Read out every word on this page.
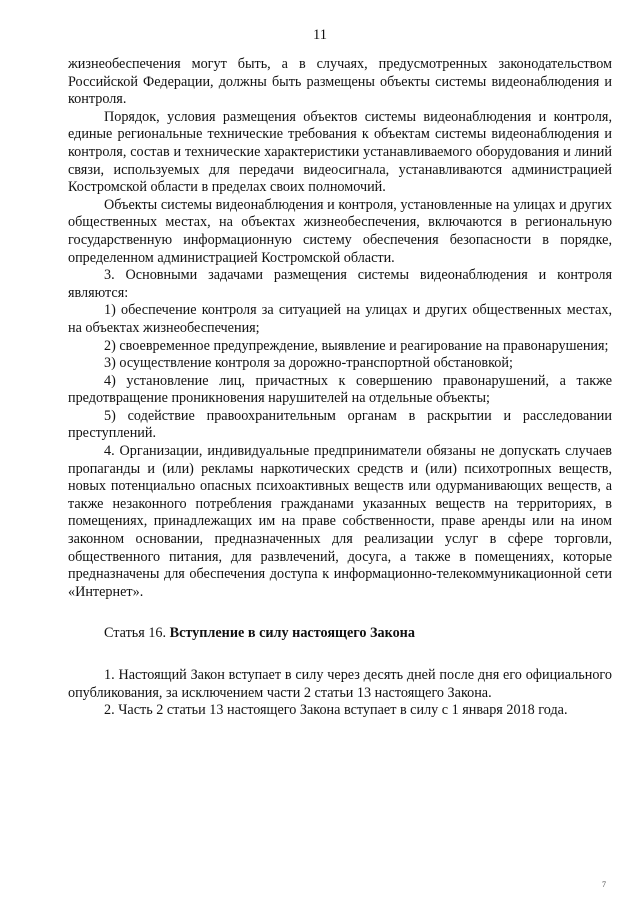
11

жизнеобеспечения могут быть, а в случаях, предусмотренных законодательством Российской Федерации, должны быть размещены объекты системы видеонаблюдения и контроля.

Порядок, условия размещения объектов системы видеонаблюдения и контроля, единые региональные технические требования к объектам системы видеонаблюдения и контроля, состав и технические характеристики устанавливаемого оборудования и линий связи, используемых для передачи видеосигнала, устанавливаются администрацией Костромской области в пределах своих полномочий.

Объекты системы видеонаблюдения и контроля, установленные на улицах и других общественных местах, на объектах жизнеобеспечения, включаются в региональную государственную информационную систему обеспечения безопасности в порядке, определенном администрацией Костромской области.

3. Основными задачами размещения системы видеонаблюдения и контроля являются:

1) обеспечение контроля за ситуацией на улицах и других общественных местах, на объектах жизнеобеспечения;

2) своевременное предупреждение, выявление и реагирование на правонарушения;

3) осуществление контроля за дорожно-транспортной обстановкой;

4) установление лиц, причастных к совершению правонарушений, а также предотвращение проникновения нарушителей на отдельные объекты;

5) содействие правоохранительным органам в раскрытии и расследовании преступлений.

4. Организации, индивидуальные предприниматели обязаны не допускать случаев пропаганды и (или) рекламы наркотических средств и (или) психотропных веществ, новых потенциально опасных психоактивных веществ или одурманивающих веществ, а также незаконного потребления гражданами указанных веществ на территориях, в помещениях, принадлежащих им на праве собственности, праве аренды или на ином законном основании, предназначенных для реализации услуг в сфере торговли, общественного питания, для развлечений, досуга, а также в помещениях, которые предназначены для обеспечения доступа к информационно-телекоммуникационной сети «Интернет».

Статья 16. Вступление в силу настоящего Закона

1. Настоящий Закон вступает в силу через десять дней после дня его официального опубликования, за исключением части 2 статьи 13 настоящего Закона.

2. Часть 2 статьи 13 настоящего Закона вступает в силу с 1 января 2018 года.

7
